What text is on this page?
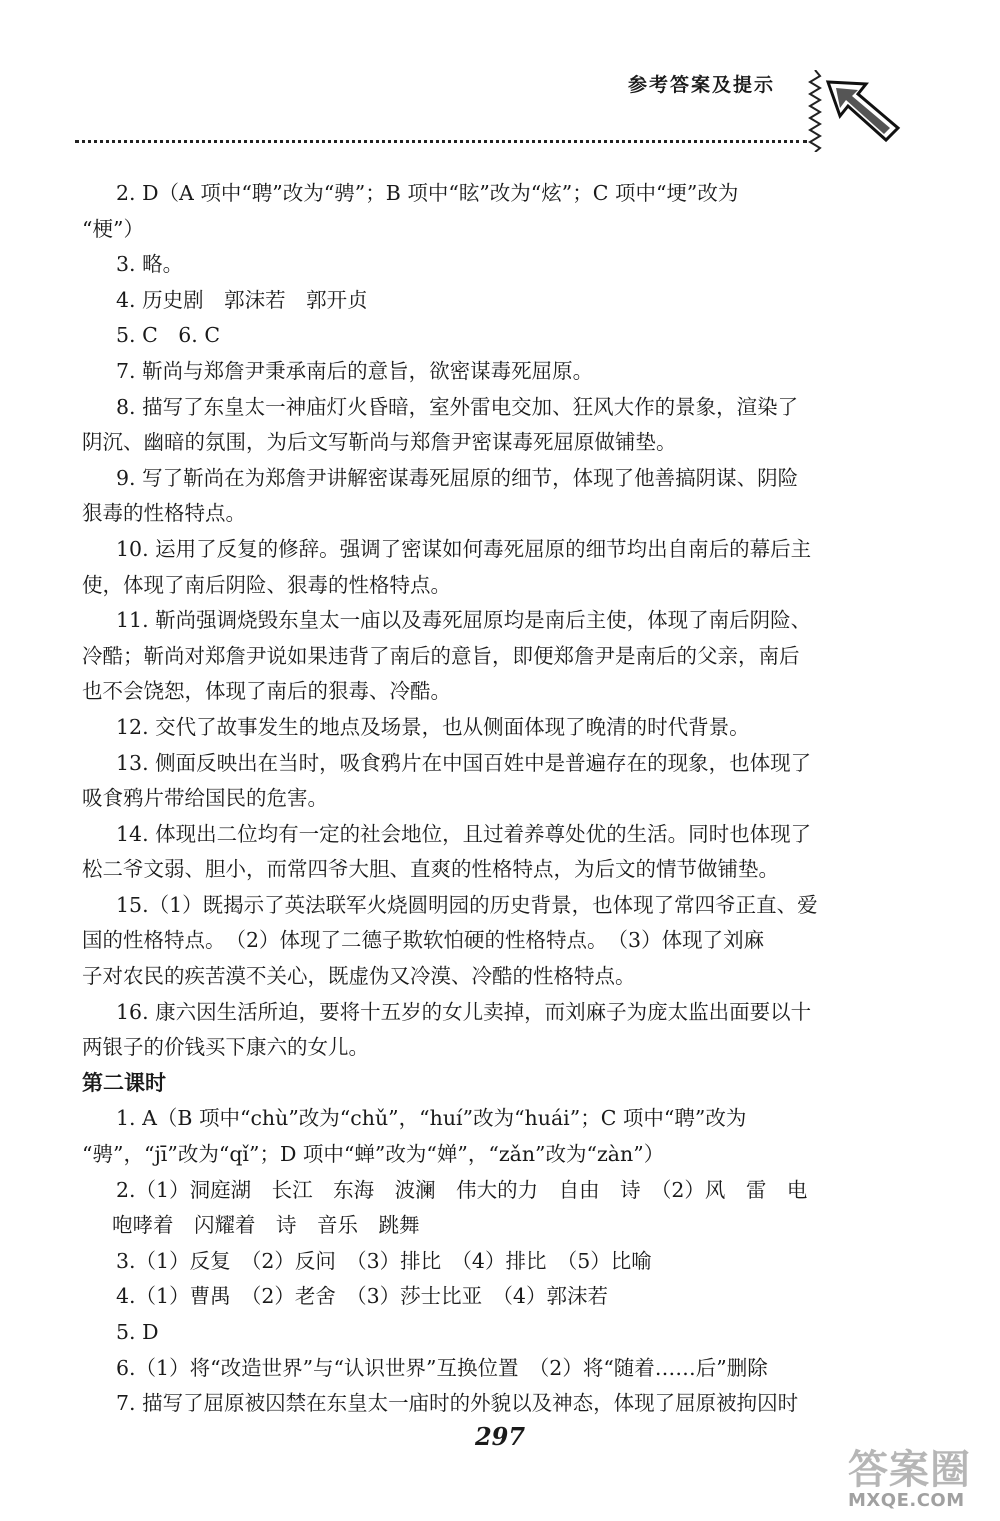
参考答案及提示
2. D（A 项中“聘”改为“骋”；B 项中“眩”改为“炫”；C 项中“埂”改为
“梗”）
3. 略。
4. 历史剧　郭沫若　郭开贞
5. C　6. C
7. 靳尚与郑詹尹秉承南后的意旨，欲密谋毒死屈原。
8. 描写了东皇太一神庙灯火昏暗，室外雷电交加、狂风大作的景象，渲染了
阴沉、幽暗的氛围，为后文写靳尚与郑詹尹密谋毒死屈原做铺垫。
9. 写了靳尚在为郑詹尹讲解密谋毒死屈原的细节，体现了他善搞阴谋、阴险
狠毒的性格特点。
10. 运用了反复的修辞。强调了密谋如何毒死屈原的细节均出自南后的幕后主
使，体现了南后阴险、狠毒的性格特点。
11. 靳尚强调烧毁东皇太一庙以及毒死屈原均是南后主使，体现了南后阴险、
冷酷；靳尚对郑詹尹说如果违背了南后的意旨，即便郑詹尹是南后的父亲，南后
也不会饶恕，体现了南后的狠毒、冷酷。
12. 交代了故事发生的地点及场景，也从侧面体现了晚清的时代背景。
13. 侧面反映出在当时，吸食鸦片在中国百姓中是普遍存在的现象，也体现了
吸食鸦片带给国民的危害。
14. 体现出二位均有一定的社会地位，且过着养尊处优的生活。同时也体现了
松二爷文弱、胆小，而常四爷大胆、直爽的性格特点，为后文的情节做铺垫。
15.（1）既揭示了英法联军火烧圆明园的历史背景，也体现了常四爷正直、爱
国的性格特点。　（2）体现了二德子欺软怕硬的性格特点。　（3）体现了刘麻
子对农民的疾苦漠不关心，既虚伪又冷漠、冷酷的性格特点。
16. 康六因生活所迫，要将十五岁的女儿卖掉，而刘麻子为庞太监出面要以十
两银子的价钱买下康六的女儿。
第二课时
1. A（B 项中“chù”改为“chǔ”，“huí”改为“huái”；C 项中“聘”改为
“骋”，“jī”改为“qǐ”；D 项中“蝉”改为“婵”，“zǎn”改为“zàn”）
2.（1）洞庭湖　长江　东海　波澜　伟大的力　自由　诗　（2）风　雷　电
咆哮着　闪耀着　诗　音乐　跳舞
3.（1）反复　（2）反问　（3）排比　（4）排比　（5）比喻
4.（1）曹禺　（2）老舍　（3）莎士比亚　（4）郭沫若
5. D
6.（1）将“改造世界”与“认识世界”互换位置　（2）将“随着……后”删除
7. 描写了屈原被囚禁在东皇太一庙时的外貌以及神态，体现了屈原被拘囚时
297
答案圈
MXQE.COM
